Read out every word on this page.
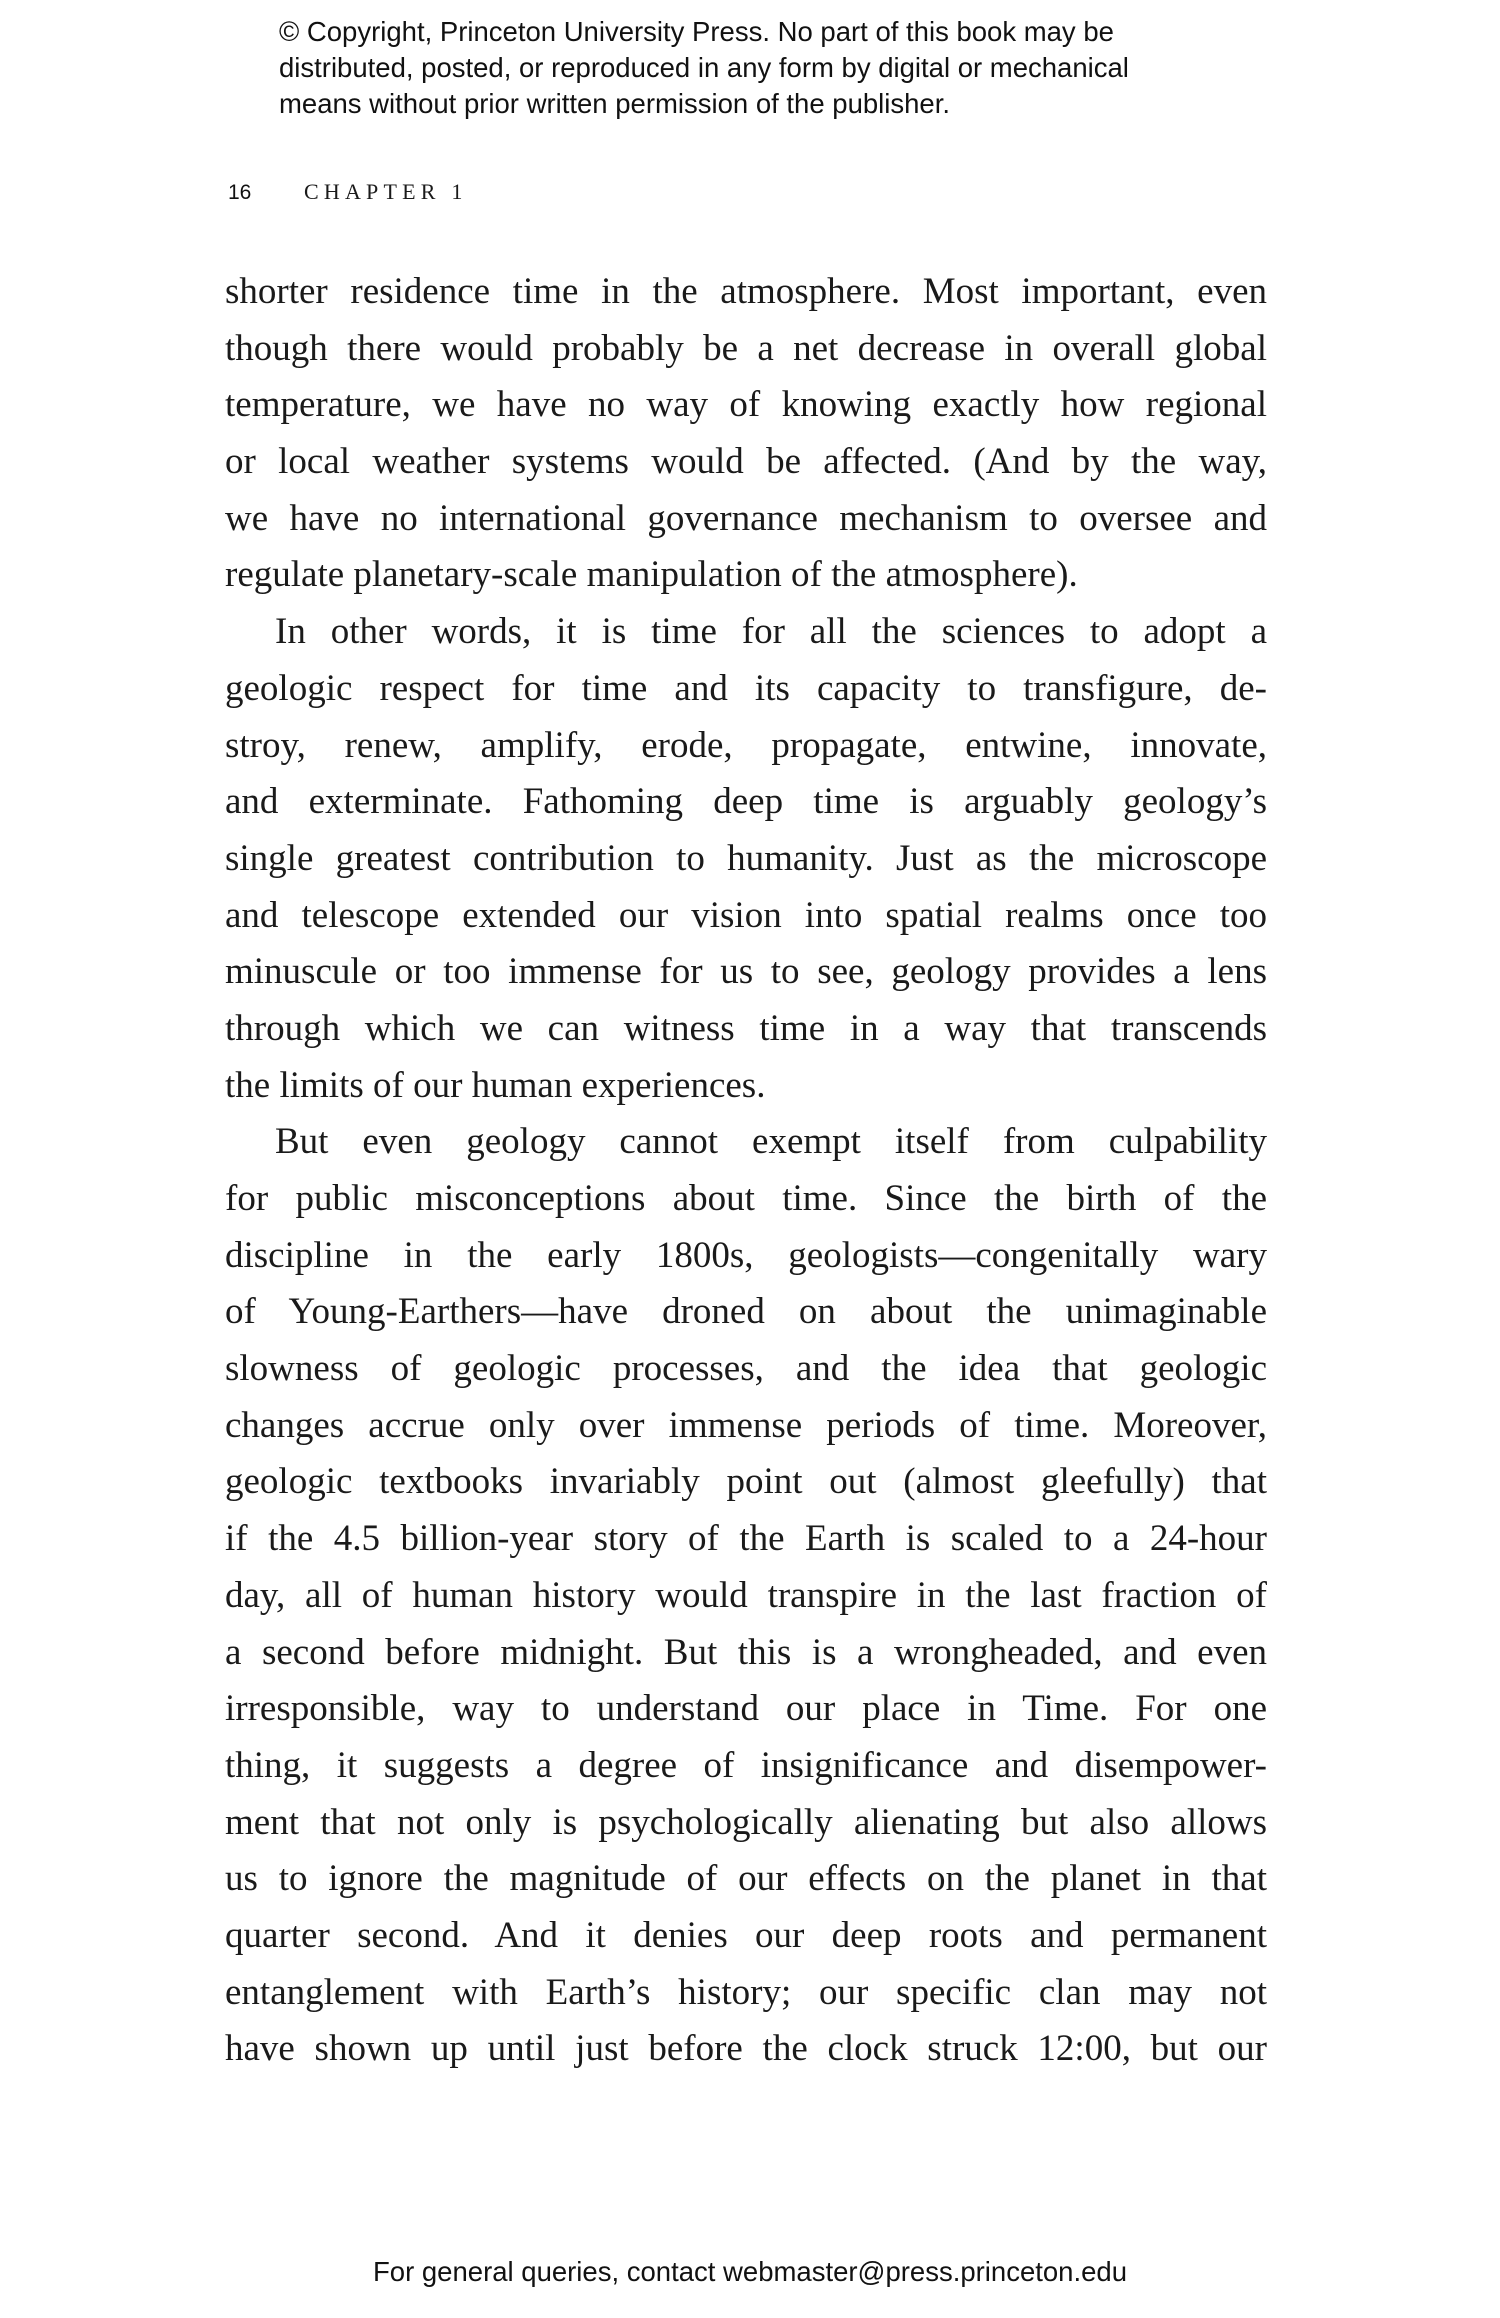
© Copyright, Princeton University Press. No part of this book may be
distributed, posted, or reproduced in any form by digital or mechanical
means without prior written permission of the publisher.
16 CHAPTER 1
shorter residence time in the atmosphere. Most important, even
though there would probably be a net decrease in overall global
temperature, we have no way of knowing exactly how regional
or local weather systems would be affected. (And by the way,
we have no international governance mechanism to oversee and
regulate planetary-scale manipulation of the atmosphere).
In other words, it is time for all the sciences to adopt a
geologic respect for time and its capacity to transfigure, de-
stroy, renew, amplify, erode, propagate, entwine, innovate,
and exterminate. Fathoming deep time is arguably geology’s
single greatest contribution to humanity. Just as the microscope
and telescope extended our vision into spatial realms once too
minuscule or too immense for us to see, geology provides a lens
through which we can witness time in a way that transcends
the limits of our human experiences.
But even geology cannot exempt itself from culpability
for public misconceptions about time. Since the birth of the
discipline in the early 1800s, geologists—congenitally wary
of Young-Earthers—have droned on about the unimaginable
slowness of geologic processes, and the idea that geologic
changes accrue only over immense periods of time. Moreover,
geologic textbooks invariably point out (almost gleefully) that
if the 4.5 billion-year story of the Earth is scaled to a 24-hour
day, all of human history would transpire in the last fraction of
a second before midnight. But this is a wrongheaded, and even
irresponsible, way to understand our place in Time. For one
thing, it suggests a degree of insignificance and disempower-
ment that not only is psychologically alienating but also allows
us to ignore the magnitude of our effects on the planet in that
quarter second. And it denies our deep roots and permanent
entanglement with Earth’s history; our specific clan may not
have shown up until just before the clock struck 12:00, but our
For general queries, contact webmaster@press.princeton.edu
